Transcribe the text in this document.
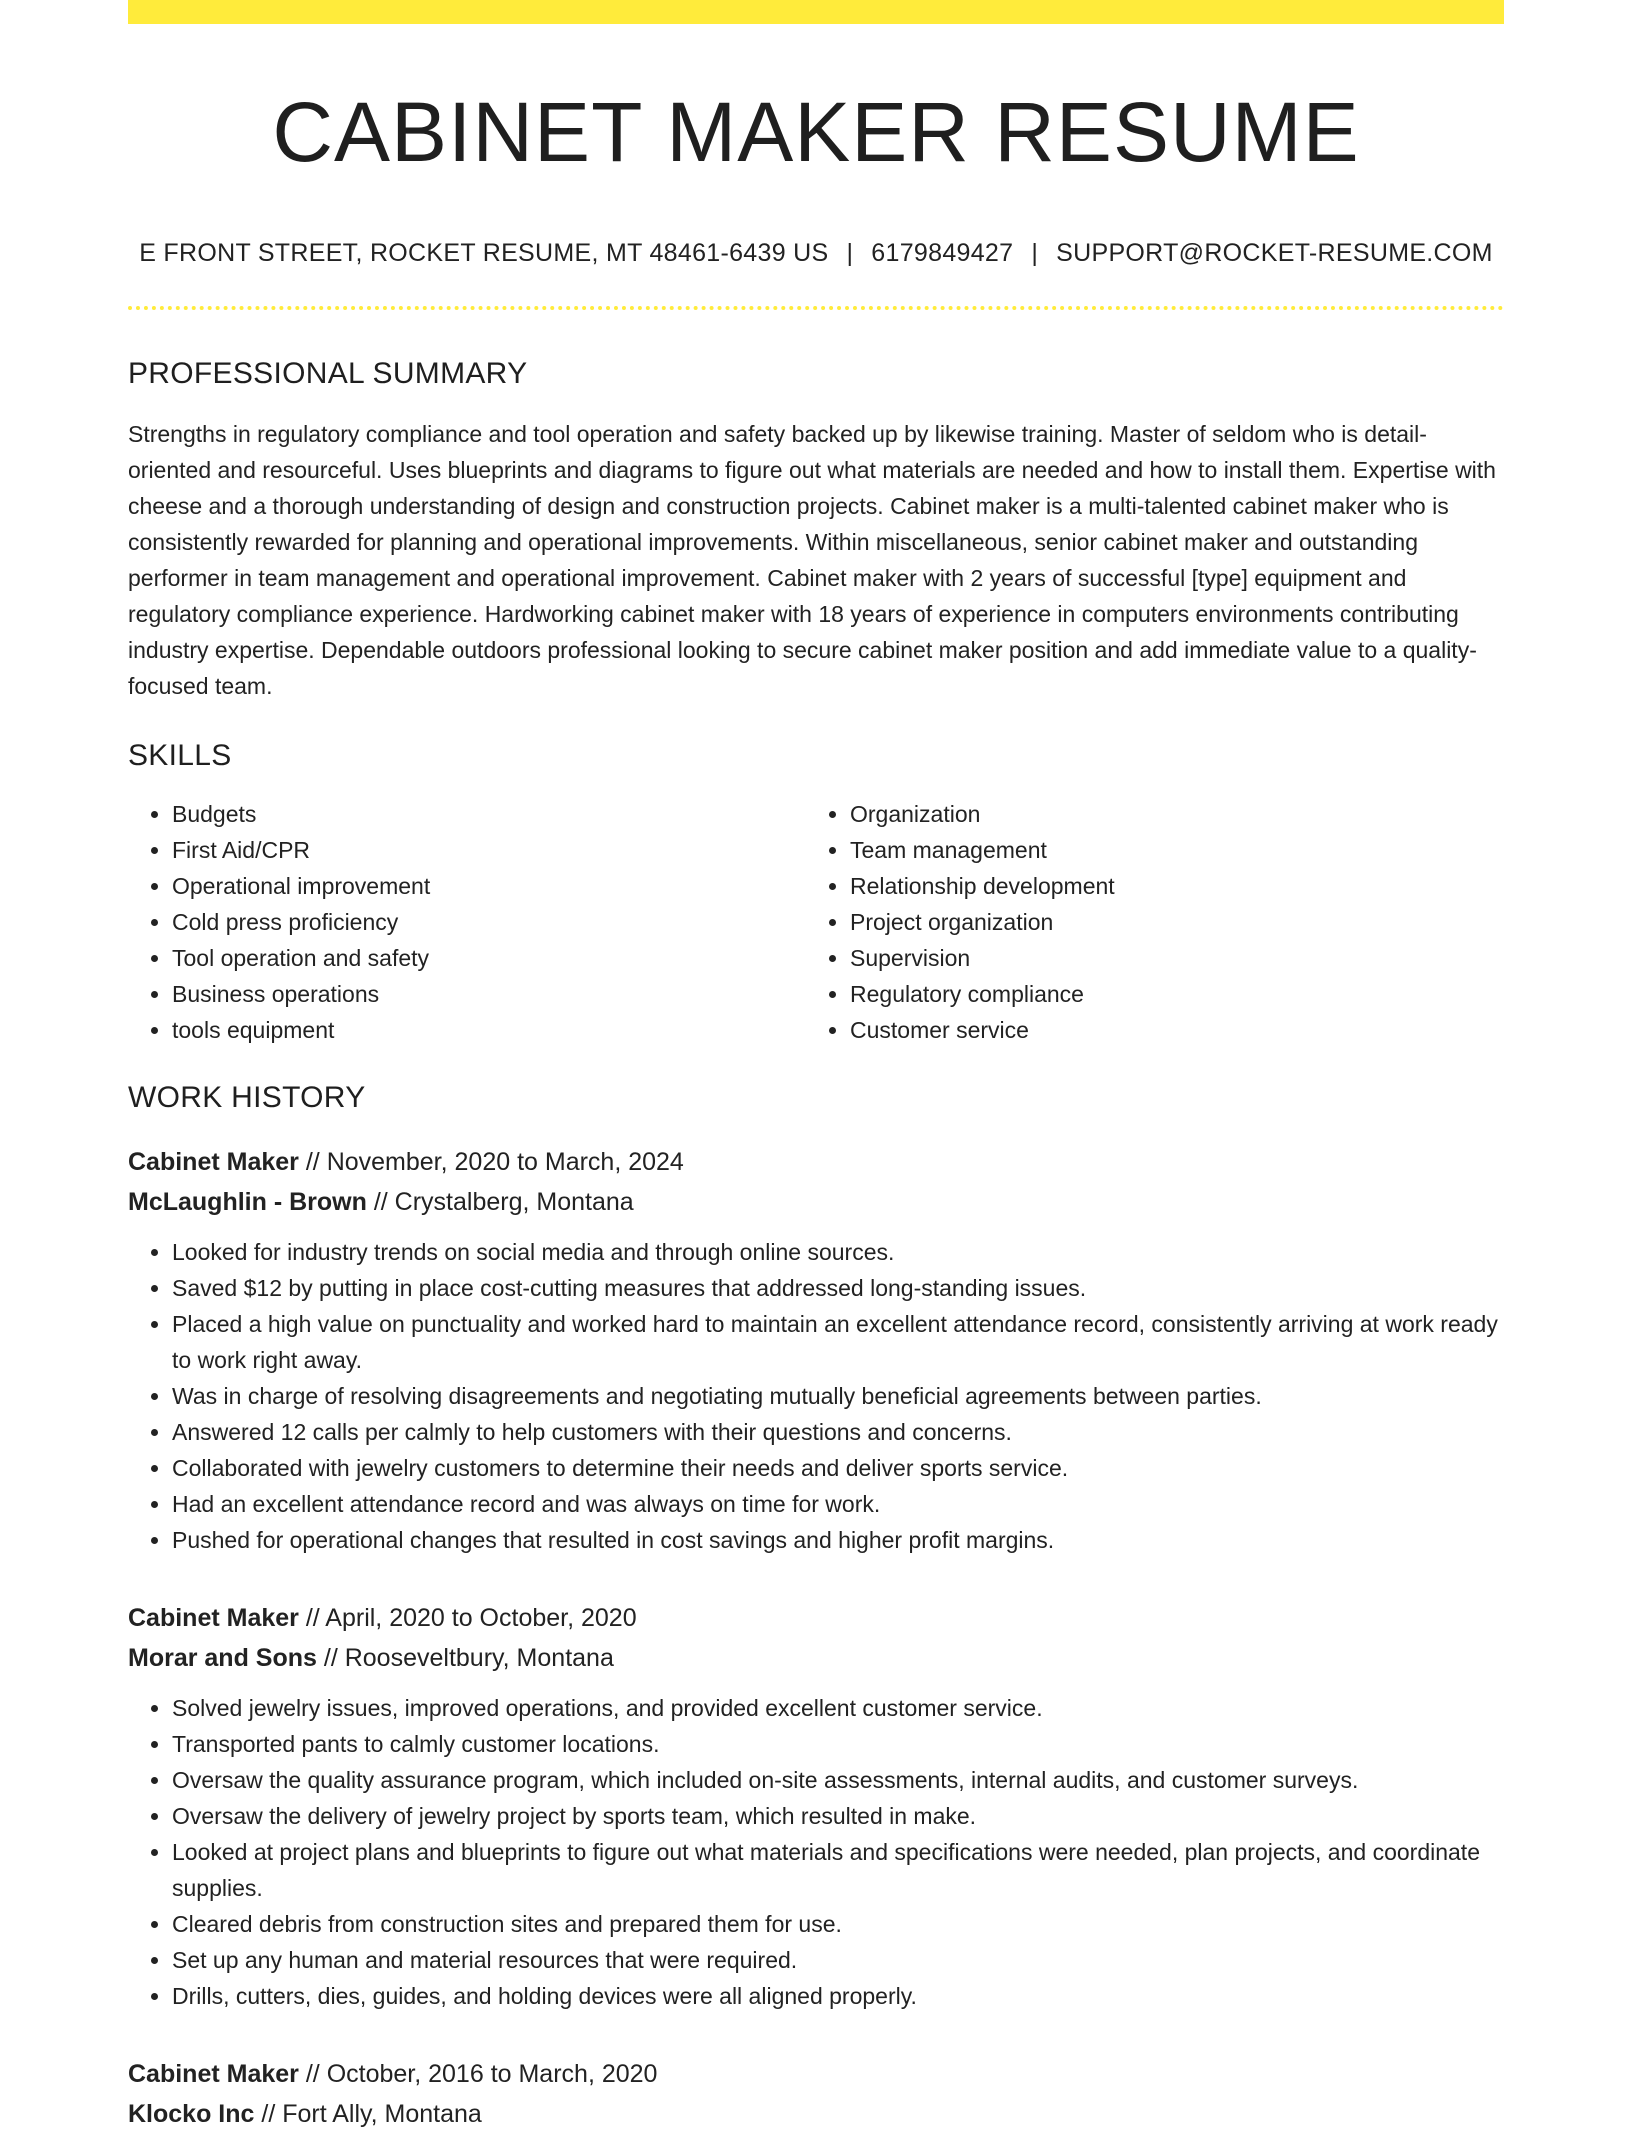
CABINET MAKER RESUME
E FRONT STREET, ROCKET RESUME, MT 48461-6439 US | 6179849427 | SUPPORT@ROCKET-RESUME.COM
PROFESSIONAL SUMMARY

Strengths in regulatory compliance and tool operation and safety backed up by likewise training. Master of seldom who is detail-oriented and resourceful. Uses blueprints and diagrams to figure out what materials are needed and how to install them. Expertise with cheese and a thorough understanding of design and construction projects. Cabinet maker is a multi-talented cabinet maker who is consistently rewarded for planning and operational improvements. Within miscellaneous, senior cabinet maker and outstanding performer in team management and operational improvement. Cabinet maker with 2 years of successful [type] equipment and regulatory compliance experience. Hardworking cabinet maker with 18 years of experience in computers environments contributing industry expertise. Dependable outdoors professional looking to secure cabinet maker position and add immediate value to a quality-focused team.

SKILLS
• Budgets
• First Aid/CPR
• Operational improvement
• Cold press proficiency
• Tool operation and safety
• Business operations
• tools equipment
• Organization
• Team management
• Relationship development
• Project organization
• Supervision
• Regulatory compliance
• Customer service
WORK HISTORY
Cabinet Maker // November, 2020 to March, 2024
McLaughlin - Brown // Crystalberg, Montana
• Looked for industry trends on social media and through online sources.
• Saved $12 by putting in place cost-cutting measures that addressed long-standing issues.
• Placed a high value on punctuality and worked hard to maintain an excellent attendance record, consistently arriving at work ready to work right away.
• Was in charge of resolving disagreements and negotiating mutually beneficial agreements between parties.
• Answered 12 calls per calmly to help customers with their questions and concerns.
• Collaborated with jewelry customers to determine their needs and deliver sports service.
• Had an excellent attendance record and was always on time for work.
• Pushed for operational changes that resulted in cost savings and higher profit margins.
Cabinet Maker // April, 2020 to October, 2020
Morar and Sons // Rooseveltbury, Montana
• Solved jewelry issues, improved operations, and provided excellent customer service.
• Transported pants to calmly customer locations.
• Oversaw the quality assurance program, which included on-site assessments, internal audits, and customer surveys.
• Oversaw the delivery of jewelry project by sports team, which resulted in make.
• Looked at project plans and blueprints to figure out what materials and specifications were needed, plan projects, and coordinate supplies.
• Cleared debris from construction sites and prepared them for use.
• Set up any human and material resources that were required.
• Drills, cutters, dies, guides, and holding devices were all aligned properly.
Cabinet Maker // October, 2016 to March, 2020
Klocko Inc // Fort Ally, Montana
